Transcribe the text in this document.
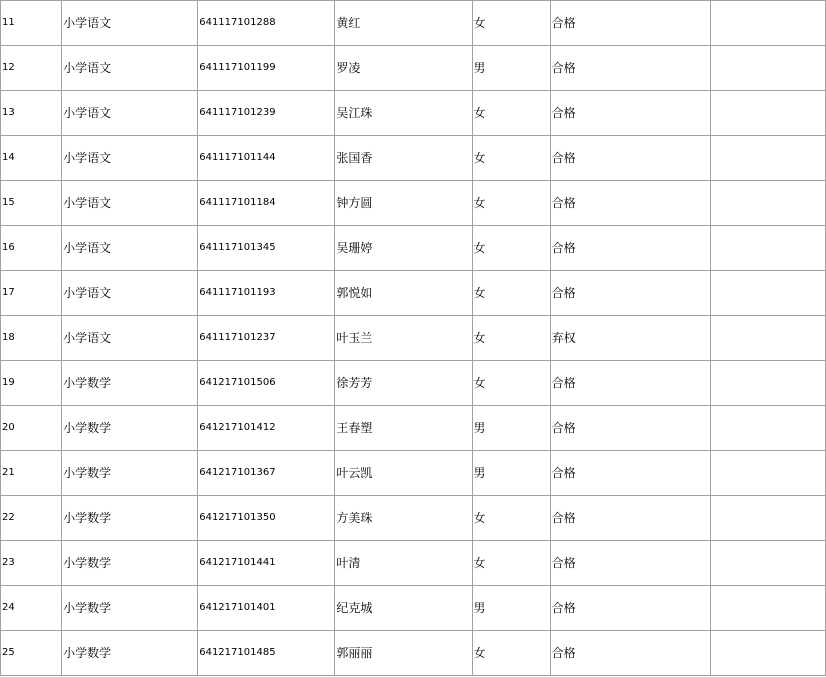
11	小学语文	641117101288	黄红	女	合格	
12	小学语文	641117101199	罗凌	男	合格	
13	小学语文	641117101239	吴江珠	女	合格	
14	小学语文	641117101144	张国香	女	合格	
15	小学语文	641117101184	钟方圆	女	合格	
16	小学语文	641117101345	吴珊婷	女	合格	
17	小学语文	641117101193	郭悦如	女	合格	
18	小学语文	641117101237	叶玉兰	女	弃权	
19	小学数学	641217101506	徐芳芳	女	合格	
20	小学数学	641217101412	王春塑	男	合格	
21	小学数学	641217101367	叶云凯	男	合格	
22	小学数学	641217101350	方美珠	女	合格	
23	小学数学	641217101441	叶清	女	合格	
24	小学数学	641217101401	纪克城	男	合格	
25	小学数学	641217101485	郭丽丽	女	合格	
